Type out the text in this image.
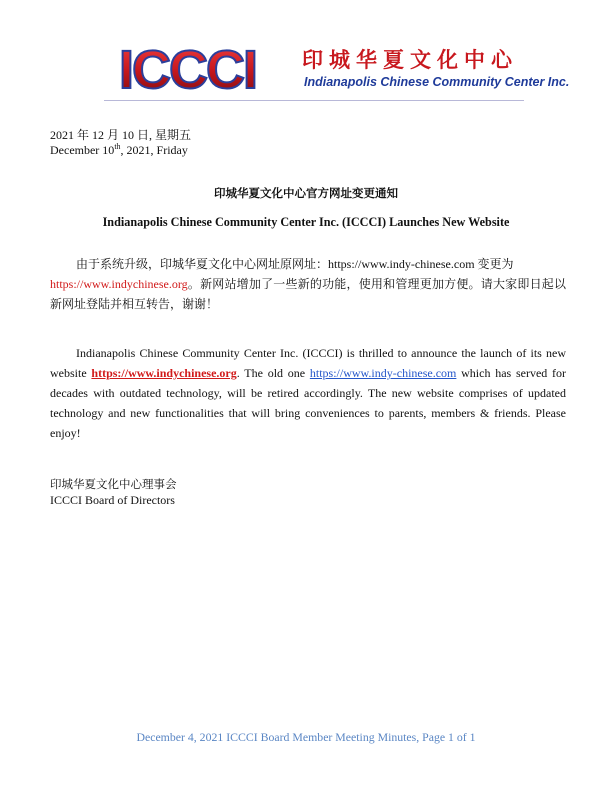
ICCCI 印城华夏文化中心
Indianapolis Chinese Community Center Inc.
2021 年 12 月 10 日, 星期五
December 10th, 2021, Friday
印城华夏文化中心官方网址变更通知
Indianapolis Chinese Community Center Inc. (ICCCI) Launches New Website
由于系统升级，印城华夏文化中心网址原网址：https://www.indy-chinese.com 变更为
https://www.indychinese.org。新网站增加了一些新的功能，使用和管理更加方便。请大家即日起以新网址登陆并相互转告，谢谢！
Indianapolis Chinese Community Center Inc. (ICCCI) is thrilled to announce the launch of its new website https://www.indychinese.org. The old one https://www.indy-chinese.com which has served for decades with outdated technology, will be retired accordingly. The new website comprises of updated technology and new functionalities that will bring conveniences to parents, members & friends. Please enjoy!
印城华夏文化中心理事会
ICCCI Board of Directors
December 4, 2021 ICCCI Board Member Meeting Minutes, Page 1 of 1
